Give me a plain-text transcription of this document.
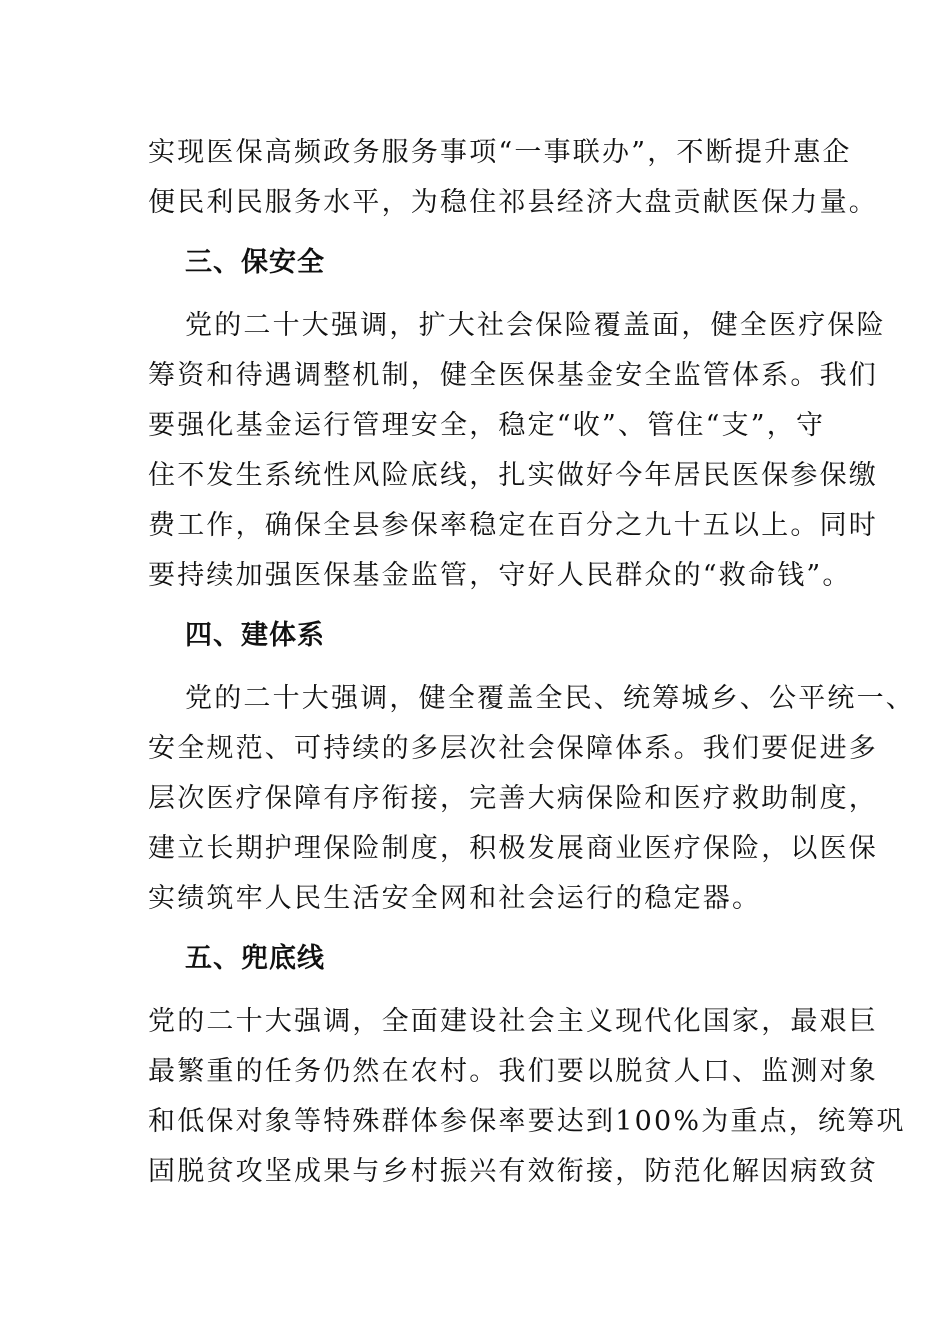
实现医保高频政务服务事项“一事联办”，不断提升惠企
便民利民服务水平，为稳住祁县经济大盘贡献医保力量。
三、保安全
党的二十大强调，扩大社会保险覆盖面，健全医疗保险
筹资和待遇调整机制，健全医保基金安全监管体系。我们
要强化基金运行管理安全，稳定“收”、管住“支”，守
住不发生系统性风险底线，扎实做好今年居民医保参保缴
费工作，确保全县参保率稳定在百分之九十五以上。同时
要持续加强医保基金监管，守好人民群众的“救命钱”。
四、建体系
党的二十大强调，健全覆盖全民、统筹城乡、公平统一、
安全规范、可持续的多层次社会保障体系。我们要促进多
层次医疗保障有序衔接，完善大病保险和医疗救助制度，
建立长期护理保险制度，积极发展商业医疗保险，以医保
实绩筑牢人民生活安全网和社会运行的稳定器。
五、兜底线
党的二十大强调，全面建设社会主义现代化国家，最艰巨
最繁重的任务仍然在农村。我们要以脱贫人口、监测对象
和低保对象等特殊群体参保率要达到100%为重点，统筹巩
固脱贫攻坚成果与乡村振兴有效衔接，防范化解因病致贫
